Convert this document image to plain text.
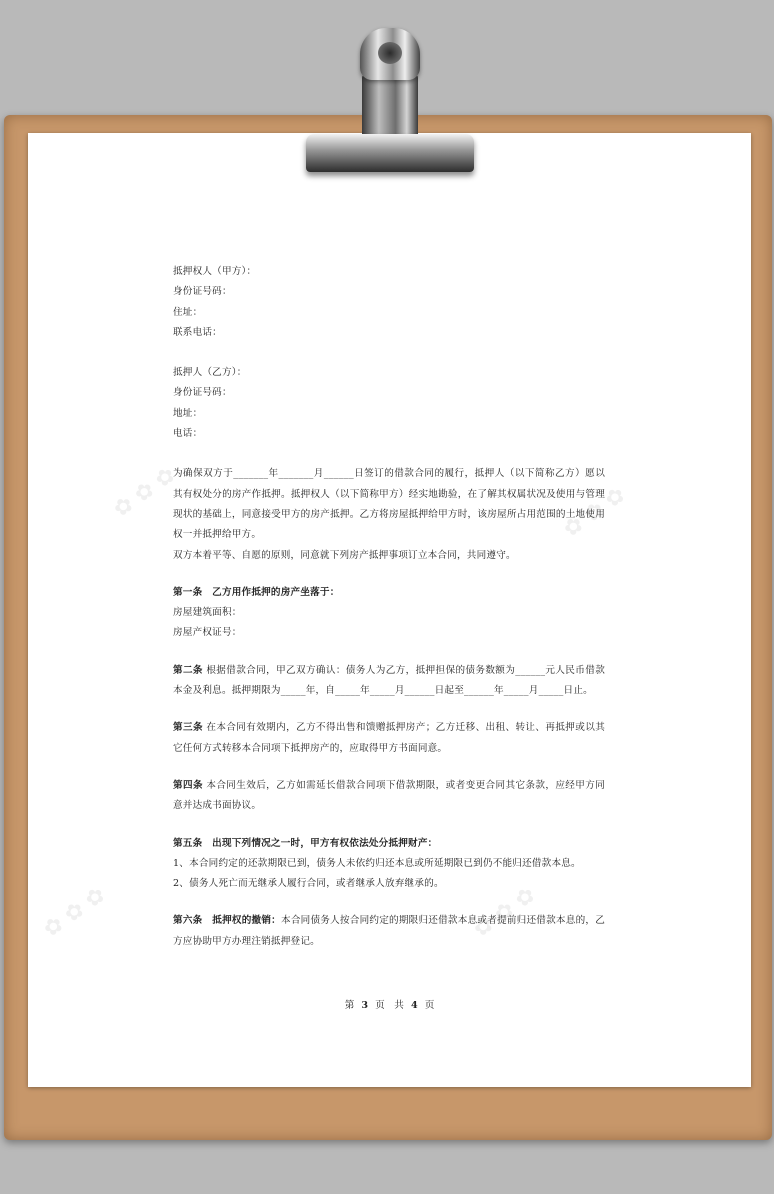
✿ ✿ ✿	✿ ✿ ✿
✿ ✿ ✿	✿ ✿ ✿

抵押权人（甲方）：

身份证号码：

住址：

联系电话：

抵押人（乙方）：

身份证号码：

地址：

电话：

为确保双方于_______年_______月______日签订的借款合同的履行，抵押人（以下简称乙方）愿以其有权处分的房产作抵押。抵押权人（以下简称甲方）经实地勘验，在了解其权属状况及使用与管理现状的基础上，同意接受甲方的房产抵押。乙方将房屋抵押给甲方时，该房屋所占用范围的土地使用权一并抵押给甲方。

双方本着平等、自愿的原则，同意就下列房产抵押事项订立本合同，共同遵守。

第一条　乙方用作抵押的房产坐落于：

房屋建筑面积：

房屋产权证号：

第二条 根据借款合同，甲乙双方确认：债务人为乙方，抵押担保的债务数额为______元人民币借款本金及利息。抵押期限为_____年，自_____年_____月______日起至______年_____月_____日止。

第三条 在本合同有效期内，乙方不得出售和馈赠抵押房产；乙方迁移、出租、转让、再抵押或以其它任何方式转移本合同项下抵押房产的，应取得甲方书面同意。

第四条 本合同生效后，乙方如需延长借款合同项下借款期限，或者变更合同其它条款，应经甲方同意并达成书面协议。

第五条　出现下列情况之一时，甲方有权依法处分抵押财产：

1、本合同约定的还款期限已到，债务人未依约归还本息或所延期限已到仍不能归还借款本息。

2、债务人死亡而无继承人履行合同，或者继承人放弃继承的。

第六条　抵押权的撤销：本合同债务人按合同约定的期限归还借款本息或者提前归还借款本息的，乙方应协助甲方办理注销抵押登记。

第 3 页　共 4 页
